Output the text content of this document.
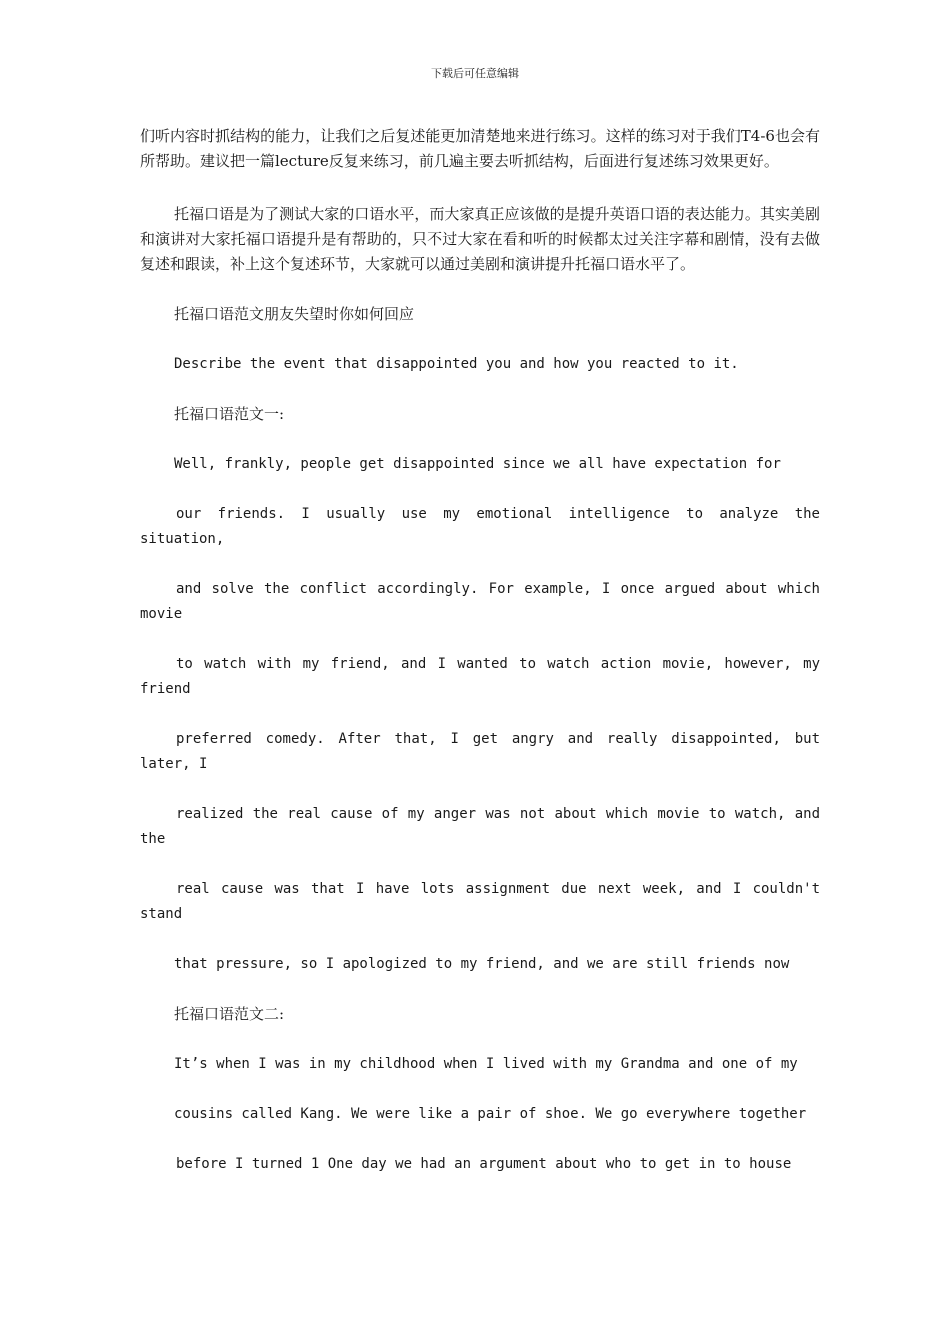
下载后可任意编辑

们听内容时抓结构的能力，让我们之后复述能更加清楚地来进行练习。这样的练习对于我们T4-6也会有所帮助。建议把一篇lecture反复来练习，前几遍主要去听抓结构，后面进行复述练习效果更好。

托福口语是为了测试大家的口语水平，而大家真正应该做的是提升英语口语的表达能力。其实美剧和演讲对大家托福口语提升是有帮助的，只不过大家在看和听的时候都太过关注字幕和剧情，没有去做复述和跟读，补上这个复述环节，大家就可以通过美剧和演讲提升托福口语水平了。

托福口语范文朋友失望时你如何回应

Describe the event that disappointed you and how you reacted to it.

托福口语范文一:

Well, frankly, people get disappointed since we all have expectation for

our friends. I usually use my emotional intelligence to analyze the situation,

and solve the conflict accordingly. For example, I once argued about which movie

to watch with my friend, and I wanted to watch action movie, however, my friend

preferred comedy. After that, I get angry and really disappointed, but later, I

realized the real cause of my anger was not about which movie to watch, and the

real cause was that I have lots assignment due next week, and I couldn't stand

that pressure, so I apologized to my friend, and we are still friends now

托福口语范文二:

It’s when I was in my childhood when I lived with my Grandma and one of my

cousins called Kang. We were like a pair of shoe. We go everywhere together

before I turned 1 One day we had an argument about who to get in to house
